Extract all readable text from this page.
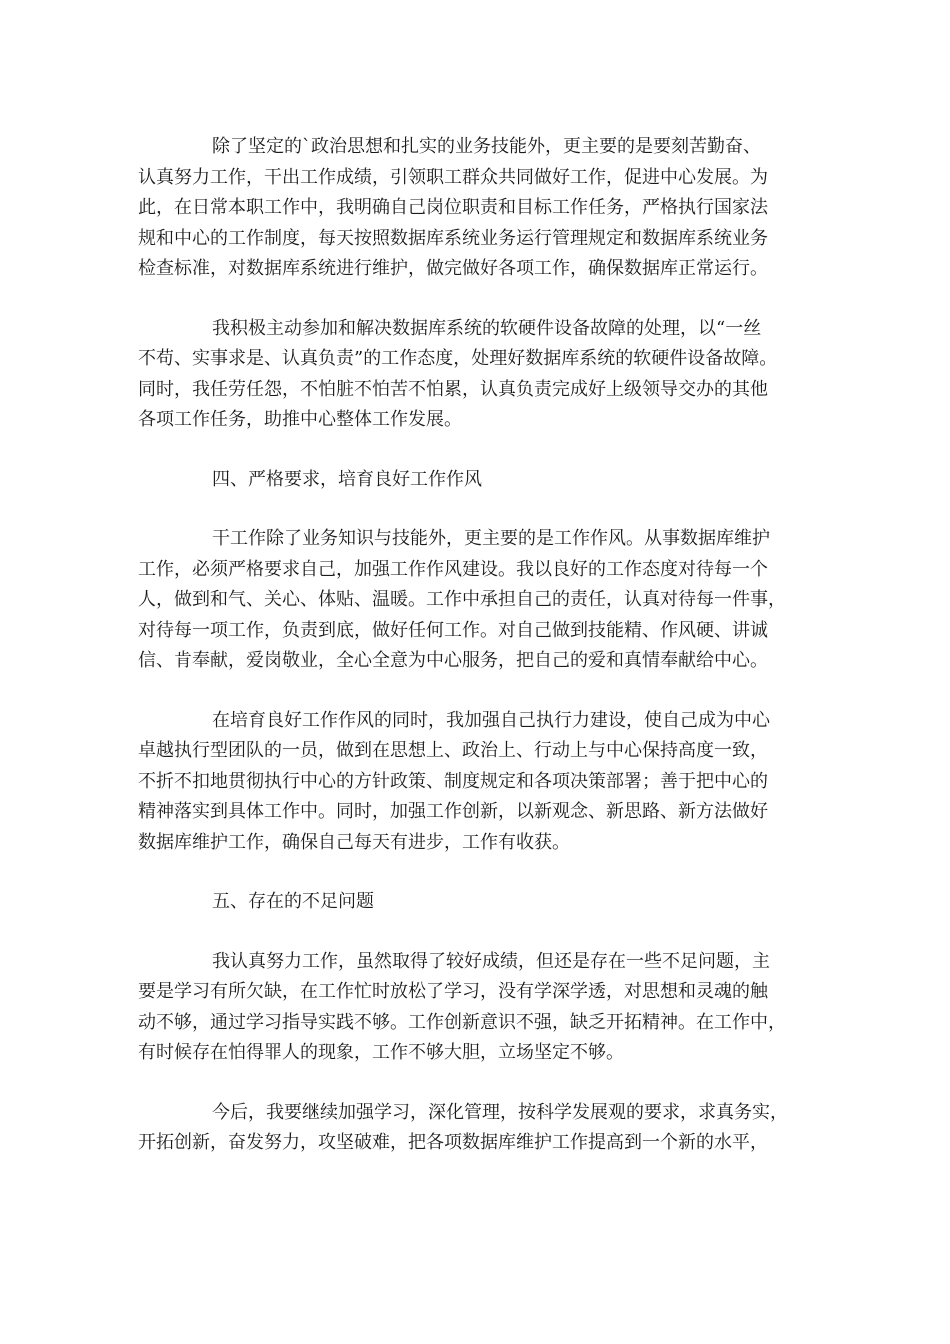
除了坚定的`政治思想和扎实的业务技能外，更主要的是要刻苦勤奋、
认真努力工作，干出工作成绩，引领职工群众共同做好工作，促进中心发展。为
此，在日常本职工作中，我明确自己岗位职责和目标工作任务，严格执行国家法
规和中心的工作制度，每天按照数据库系统业务运行管理规定和数据库系统业务
检查标准，对数据库系统进行维护，做完做好各项工作，确保数据库正常运行。
我积极主动参加和解决数据库系统的软硬件设备故障的处理，以“一丝
不苟、实事求是、认真负责”的工作态度，处理好数据库系统的软硬件设备故障。
同时，我任劳任怨，不怕脏不怕苦不怕累，认真负责完成好上级领导交办的其他
各项工作任务，助推中心整体工作发展。
四、严格要求，培育良好工作作风
干工作除了业务知识与技能外，更主要的是工作作风。从事数据库维护
工作，必须严格要求自己，加强工作作风建设。我以良好的工作态度对待每一个
人，做到和气、关心、体贴、温暖。工作中承担自己的责任，认真对待每一件事，
对待每一项工作，负责到底，做好任何工作。对自己做到技能精、作风硬、讲诚
信、肯奉献，爱岗敬业，全心全意为中心服务，把自己的爱和真情奉献给中心。
在培育良好工作作风的同时，我加强自己执行力建设，使自己成为中心
卓越执行型团队的一员，做到在思想上、政治上、行动上与中心保持高度一致，
不折不扣地贯彻执行中心的方针政策、制度规定和各项决策部署；善于把中心的
精神落实到具体工作中。同时，加强工作创新，以新观念、新思路、新方法做好
数据库维护工作，确保自己每天有进步，工作有收获。
五、存在的不足问题
我认真努力工作，虽然取得了较好成绩，但还是存在一些不足问题，主
要是学习有所欠缺，在工作忙时放松了学习，没有学深学透，对思想和灵魂的触
动不够，通过学习指导实践不够。工作创新意识不强，缺乏开拓精神。在工作中，
有时候存在怕得罪人的现象，工作不够大胆，立场坚定不够。
今后，我要继续加强学习，深化管理，按科学发展观的要求，求真务实，
开拓创新，奋发努力，攻坚破难，把各项数据库维护工作提高到一个新的水平，
